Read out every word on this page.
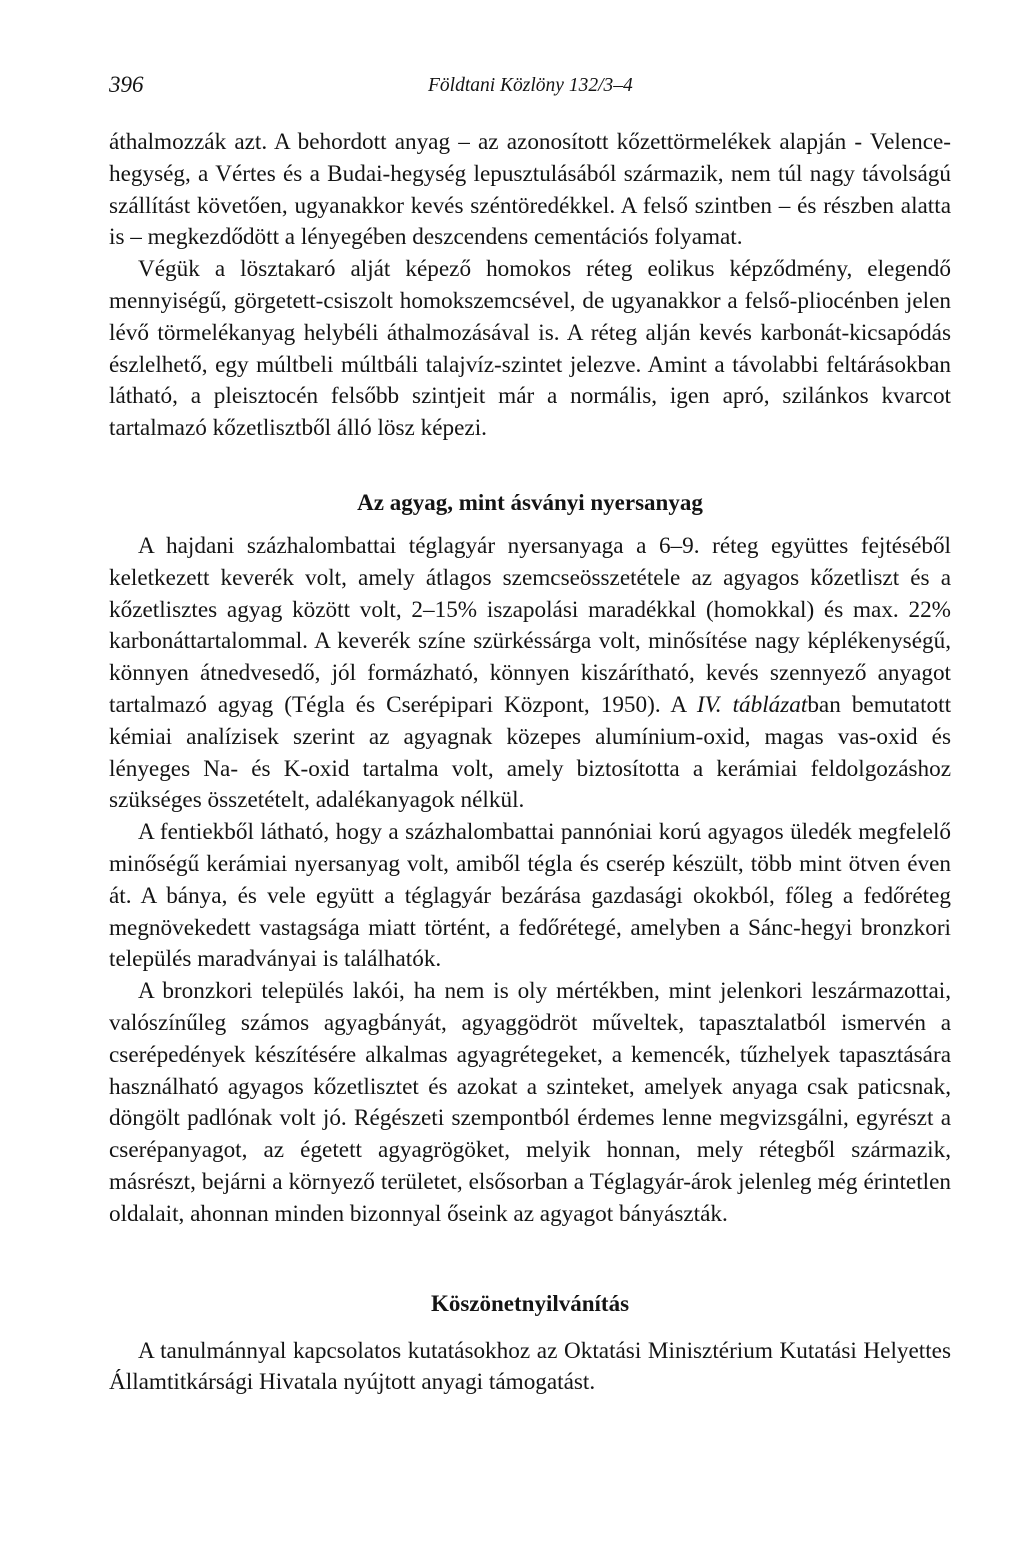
396	Földtani Közlöny 132/3–4

áthalmozzák azt. A behordott anyag – az azonosított kőzettörmelékek alapján - Velence-hegység, a Vértes és a Budai-hegység lepusztulásából származik, nem túl nagy távolságú szállítást követően, ugyanakkor kevés széntöredékkel. A felső szintben – és részben alatta is – megkezdődött a lényegében deszcendens cementációs folyamat.

Végük a lösztakaró alját képező homokos réteg eolikus képződmény, elegendő mennyiségű, görgetett-csiszolt homokszemcsével, de ugyanakkor a felső-pliocénben jelen lévő törmelékanyag helybéli áthalmozásával is. A réteg alján kevés karbonát-kicsapódás észlelhető, egy múltbeli múltbáli talajvíz-szintet jelezve. Amint a távolabbi feltárásokban látható, a pleisztocén felsőbb szintjeit már a normális, igen apró, szilánkos kvarcot tartalmazó kőzetlisztből álló lösz képezi.

Az agyag, mint ásványi nyersanyag

A hajdani százhalombattai téglagyár nyersanyaga a 6–9. réteg együttes fejtéséből keletkezett keverék volt, amely átlagos szemcseösszetétele az agyagos kőzetliszt és a kőzetlisztes agyag között volt, 2–15% iszapolási maradékkal (homokkal) és max. 22% karbonáttartalommal. A keverék színe szürkéssárga volt, minősítése nagy képlékenységű, könnyen átnedvesedő, jól formázható, könnyen kiszárítható, kevés szennyező anyagot tartalmazó agyag (Tégla és Cserépipari Központ, 1950). A IV. táblázatban bemutatott kémiai analízisek szerint az agyagnak közepes alumínium-oxid, magas vas-oxid és lényeges Na- és K-oxid tartalma volt, amely biztosította a kerámiai feldolgozáshoz szükséges összetételt, adalékanyagok nélkül.

A fentiekből látható, hogy a százhalombattai pannóniai korú agyagos üledék megfelelő minőségű kerámiai nyersanyag volt, amiből tégla és cserép készült, több mint ötven éven át. A bánya, és vele együtt a téglagyár bezárása gazdasági okokból, főleg a fedőréteg megnövekedett vastagsága miatt történt, a fedőrétegé, amelyben a Sánc-hegyi bronzkori település maradványai is találhatók.

A bronzkori település lakói, ha nem is oly mértékben, mint jelenkori leszármazottai, valószínűleg számos agyagbányát, agyaggödröt műveltek, tapasztalatból ismervén a cserépedények készítésére alkalmas agyagrétegeket, a kemencék, tűzhelyek tapasztására használható agyagos kőzetlisztet és azokat a szinteket, amelyek anyaga csak paticsnak, döngölt padlónak volt jó. Régészeti szempontból érdemes lenne megvizsgálni, egyrészt a cserépanyagot, az égetett agyagrögöket, melyik honnan, mely rétegből származik, másrészt, bejárni a környező területet, elsősorban a Téglagyár-árok jelenleg még érintetlen oldalait, ahonnan minden bizonnyal őseink az agyagot bányászták.

Köszönetnyilvánítás

A tanulmánnyal kapcsolatos kutatásokhoz az Oktatási Minisztérium Kutatási Helyettes Államtitkársági Hivatala nyújtott anyagi támogatást.
